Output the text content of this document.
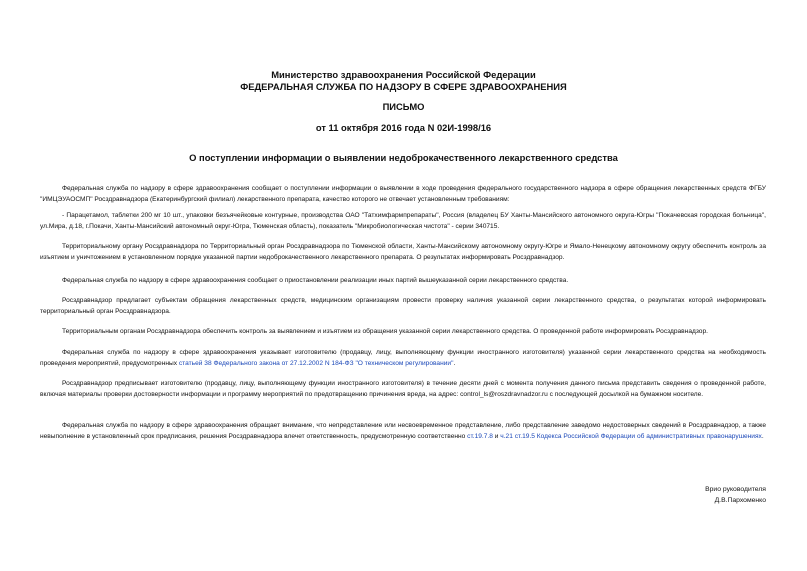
Министерство здравоохранения Российской Федерации
ФЕДЕРАЛЬНАЯ СЛУЖБА ПО НАДЗОРУ В СФЕРЕ ЗДРАВООХРАНЕНИЯ
ПИСЬМО
от 11 октября 2016 года N 02И-1998/16
О поступлении информации о выявлении недоброкачественного лекарственного средства

Федеральная служба по надзору в сфере здравоохранения сообщает о поступлении информации о выявлении в ходе проведения федерального государственного надзора в сфере обращения лекарственных средств ФГБУ "ИМЦЭУАОСМП" Росздравнадзора (Екатеринбургский филиал) лекарственного препарата, качество которого не отвечает установленным требованиям:

- Парацетамол, таблетки 200 мг 10 шт., упаковки безъячейковые контурные, производства ОАО "Татхимфармпрепараты", Россия (владелец БУ Ханты-Мансийского автономного округа-Югры "Покачевская городская больница", ул.Мира, д.18, г.Покачи, Ханты-Мансийский автономный округ-Югра, Тюменская область), показатель "Микробиологическая чистота" - серии 340715.

Территориальному органу Росздравнадзора по Территориальный орган Росздравнадзора по Тюменской области, Ханты-Мансийскому автономному округу-Югре и Ямало-Ненецкому автономному округу обеспечить контроль за изъятием и уничтожением в установленном порядке указанной партии недоброкачественного лекарственного препарата. О результатах информировать Росздравнадзор.

Федеральная служба по надзору в сфере здравоохранения сообщает о приостановлении реализации иных партий вышеуказанной серии лекарственного средства.

Росздравнадзор предлагает субъектам обращения лекарственных средств, медицинским организациям провести проверку наличия указанной серии лекарственного средства, о результатах которой информировать территориальный орган Росздравнадзора.

Территориальным органам Росздравнадзора обеспечить контроль за выявлением и изъятием из обращения указанной серии лекарственного средства. О проведенной работе информировать Росздравнадзор.

Федеральная служба по надзору в сфере здравоохранения указывает изготовителю (продавцу, лицу, выполняющему функции иностранного изготовителя) указанной серии лекарственного средства на необходимость проведения мероприятий, предусмотренных статьей 38 Федерального закона от 27.12.2002 N 184-ФЗ "О техническом регулировании".

Росздравнадзор предписывает изготовителю (продавцу, лицу, выполняющему функции иностранного изготовителя) в течение десяти дней с момента получения данного письма представить сведения о проведенной работе, включая материалы проверки достоверности информации и программу мероприятий по предотвращению причинения вреда, на адрес: control_ls@roszdravnadzor.ru с последующей досылкой на бумажном носителе.

Федеральная служба по надзору в сфере здравоохранения обращает внимание, что непредставление или несвоевременное представление, либо представление заведомо недостоверных сведений в Росздравнадзор, а также невыполнение в установленный срок предписания, решения Росздравнадзора влечет ответственность, предусмотренную соответственно ст.19.7.8 и ч.21 ст.19.5 Кодекса Российской Федерации об административных правонарушениях.

Врио руководителя
Д.В.Пархоменко
